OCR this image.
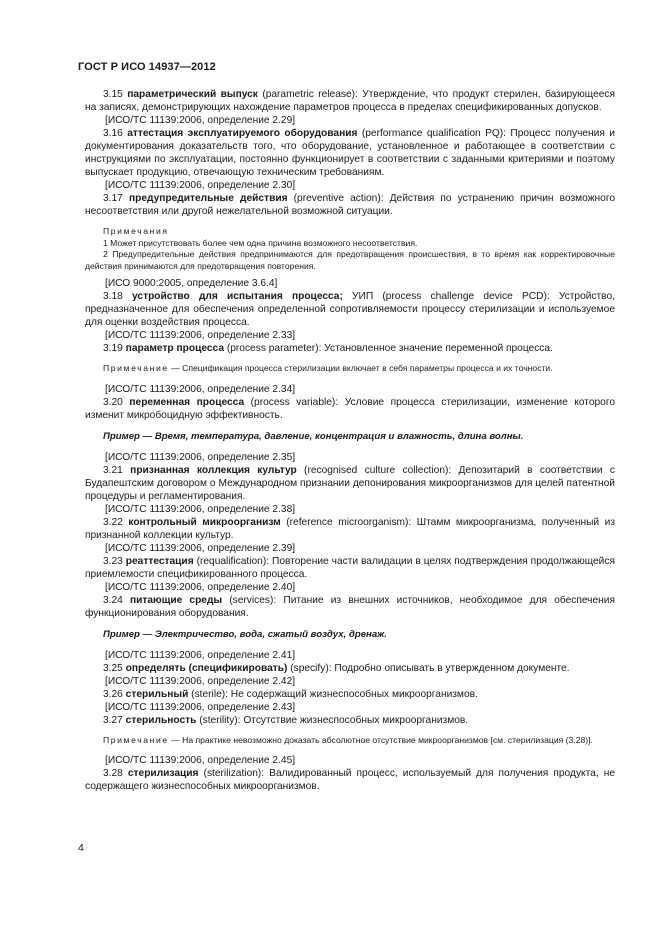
ГОСТ Р ИСО 14937—2012

3.15 параметрический выпуск (parametric release): Утверждение, что продукт стерилен, базирующееся на записях, демонстрирующих нахождение параметров процесса в пределах спецификированных допусков.

[ИСО/ТС 11139:2006, определение 2.29]

3.16 аттестация эксплуатируемого оборудования (performance qualification PQ): Процесс получения и документирования доказательств того, что оборудование, установленное и работающее в соответствии с инструкциями по эксплуатации, постоянно функционирует в соответствии с заданными критериями и поэтому выпускает продукцию, отвечающую техническим требованиям.

[ИСО/ТС 11139:2006, определение 2.30]

3.17 предупредительные действия (preventive action): Действия по устранению причин возможного несоответствия или другой нежелательной возможной ситуации.

Примечания

1 Может присутствовать более чем одна причина возможного несоответствия.

2 Предупредительные действия предпринимаются для предотвращения происшествия, в то время как корректировочные действия принимаются для предотвращения повторения.

[ИСО 9000:2005, определение 3.6.4]

3.18 устройство для испытания процесса; УИП (process challenge device PCD): Устройство, предназначенное для обеспечения определенной сопротивляемости процессу стерилизации и используемое для оценки воздействия процесса.

[ИСО/ТС 11139:2006, определение 2.33]

3.19 параметр процесса (process parameter): Установленное значение переменной процесса.

Примечание — Спецификация процесса стерилизации включает в себя параметры процесса и их точности.

[ИСО/ТС 11139:2006, определение 2.34]

3.20 переменная процесса (process variable): Условие процесса стерилизации, изменение которого изменит микробоцидную эффективность.

Пример — Время, температура, давление, концентрация и влажность, длина волны.

[ИСО/ТС 11139:2006, определение 2.35]

3.21 признанная коллекция культур (recognised culture collection): Депозитарий в соответствии с Будапештским договором о Международном признании депонирования микроорганизмов для целей патентной процедуры и регламентирования.

[ИСО/ТС 11139:2006, определение 2.38]

3.22 контрольный микроорганизм (reference microorganism): Штамм микроорганизма, полученный из признанной коллекции культур.

[ИСО/ТС 11139:2006, определение 2.39]

3.23 реаттестация (requalification): Повторение части валидации в целях подтверждения продолжающейся приемлемости спецификированного процесса.

[ИСО/ТС 11139:2006, определение 2.40]

3.24 питающие среды (services): Питание из внешних источников, необходимое для обеспечения функционирования оборудования.

Пример — Электричество, вода, сжатый воздух, дренаж.

[ИСО/ТС 11139:2006, определение 2.41]

3.25 определять (спецификировать) (specify): Подробно описывать в утвержденном документе.

[ИСО/ТС 11139:2006, определение 2.42]

3.26 стерильный (sterile): Не содержащий жизнеспособных микроорганизмов.

[ИСО/ТС 11139:2006, определение 2.43]

3.27 стерильность (sterility): Отсутствие жизнеспособных микроорганизмов.

Примечание — На практике невозможно доказать абсолютное отсутствие микроорганизмов [см. стерилизация (3.28)].

[ИСО/ТС 11139:2006, определение 2.45]

3.28 стерилизация (sterilization): Валидированный процесс, используемый для получения продукта, не содержащего жизнеспособных микроорганизмов.

4
